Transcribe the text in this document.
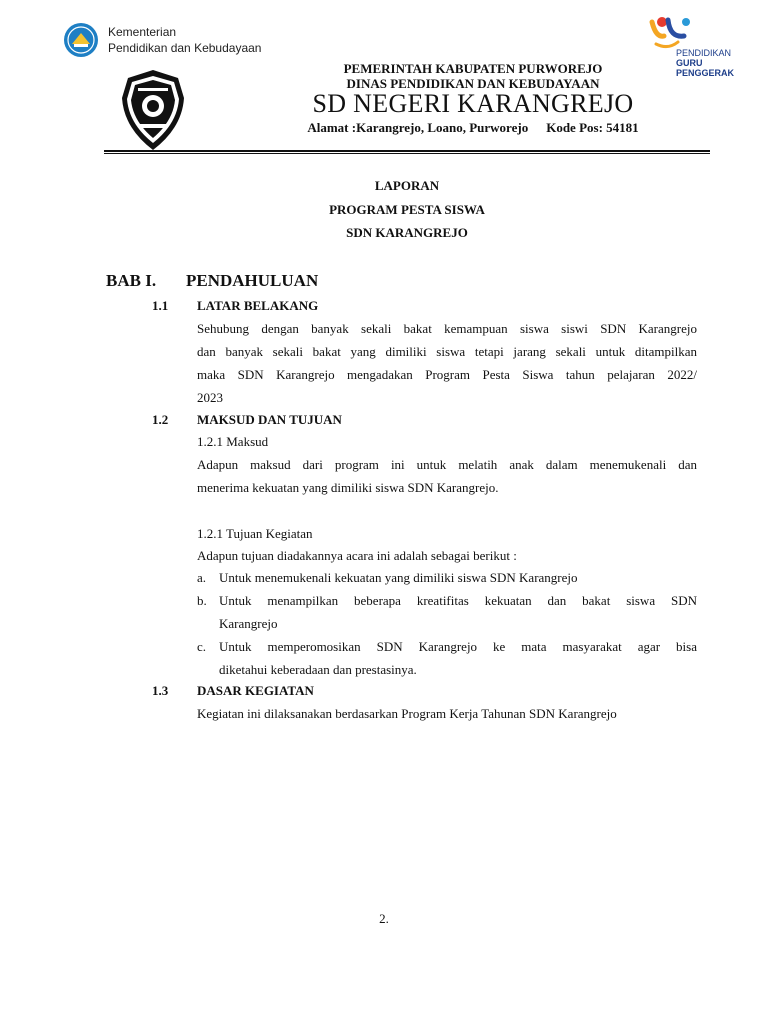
Kementerian
Pendidikan dan Kebudayaan	PENDIDIKAN
GURU
PENGGERAK
PEMERINTAH KABUPATEN PURWOREJO
DINAS PENDIDIKAN DAN KEBUDAYAAN
SD NEGERI KARANGREJO
Alamat :Karangrejo, Loano, Purworejo Kode Pos: 54181
LAPORAN
PROGRAM PESTA SISWA
SDN KARANGREJO
BAB I. PENDAHULUAN
1.1 LATAR BELAKANG
Sehubung dengan banyak sekali bakat kemampuan siswa siswi SDN Karangrejo
dan banyak sekali bakat yang dimiliki siswa tetapi jarang sekali untuk ditampilkan
maka SDN Karangrejo mengadakan Program Pesta Siswa tahun pelajaran 2022/
2023
1.2 MAKSUD DAN TUJUAN
1.2.1 Maksud
Adapun maksud dari program ini untuk melatih anak dalam menemukenali dan
menerima kekuatan yang dimiliki siswa SDN Karangrejo.
1.2.1 Tujuan Kegiatan
Adapun tujuan diadakannya acara ini adalah sebagai berikut :
a. Untuk menemukenali kekuatan yang dimiliki siswa SDN Karangrejo
b. Untuk menampilkan beberapa kreatifitas kekuatan dan bakat siswa SDN
Karangrejo
c. Untuk memperomosikan SDN Karangrejo ke mata masyarakat agar bisa
diketahui keberadaan dan prestasinya.
1.3 DASAR KEGIATAN
Kegiatan ini dilaksanakan berdasarkan Program Kerja Tahunan SDN Karangrejo
2.
